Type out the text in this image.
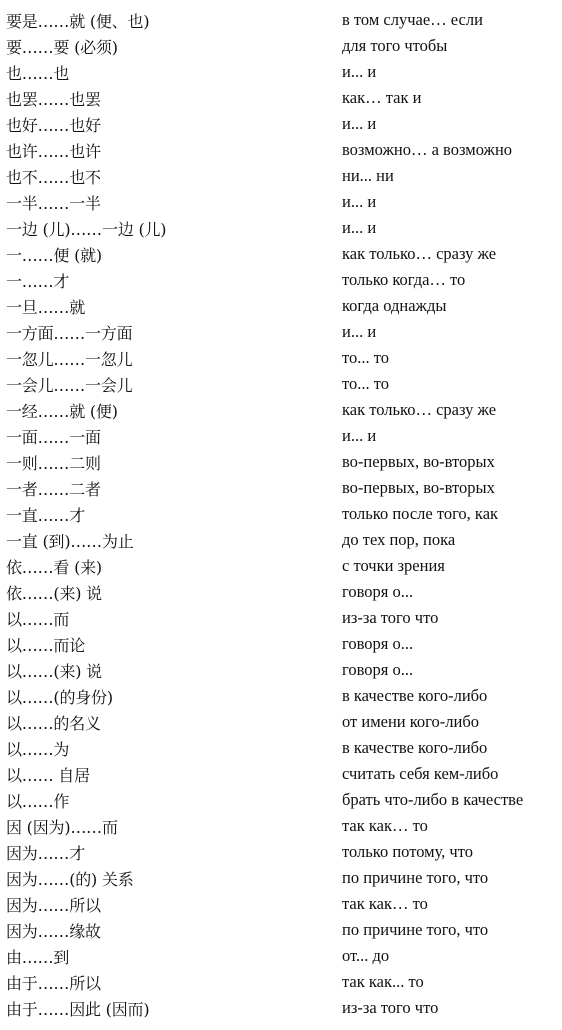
要是……就 (便、也)	в том случае… если
要……要 (必须)	для того чтобы
也……也	и... и
也罢……也罢	как… так и
也好……也好	и... и
也许……也许	возможно… а возможно
也不……也不	ни... ни
一半……一半	и... и
一边 (儿)……一边 (儿)	и... и
一……便 (就)	как только… сразу же
一……才	только когда… то
一旦……就	когда однажды
一方面……一方面	и... и
一忽儿……一忽儿	то... то
一会儿……一会儿	то... то
一经……就 (便)	как только… сразу же
一面……一面	и... и
一则……二则	во-первых, во-вторых
一者……二者	во-первых, во-вторых
一直……才	только после того, как
一直 (到)……为止	до тех пор, пока
依……看 (来)	с точки зрения
依……(来) 说	говоря о...
以……而	из-за того что
以……而论	говоря о...
以……(来) 说	говоря о...
以……(的身份)	в качестве кого-либо
以……的名义	от имени кого-либо
以……为	в качестве кого-либо
以…… 自居	считать себя кем-либо
以……作	брать что-либо в качестве
因 (因为)……而	так как… то
因为……才	только потому, что
因为……(的) 关系	по причине того, что
因为……所以	так как… то
因为……缘故	по причине того, что
由……到	от... до
由于……所以	так как... то
由于……因此 (因而)	из-за того что
